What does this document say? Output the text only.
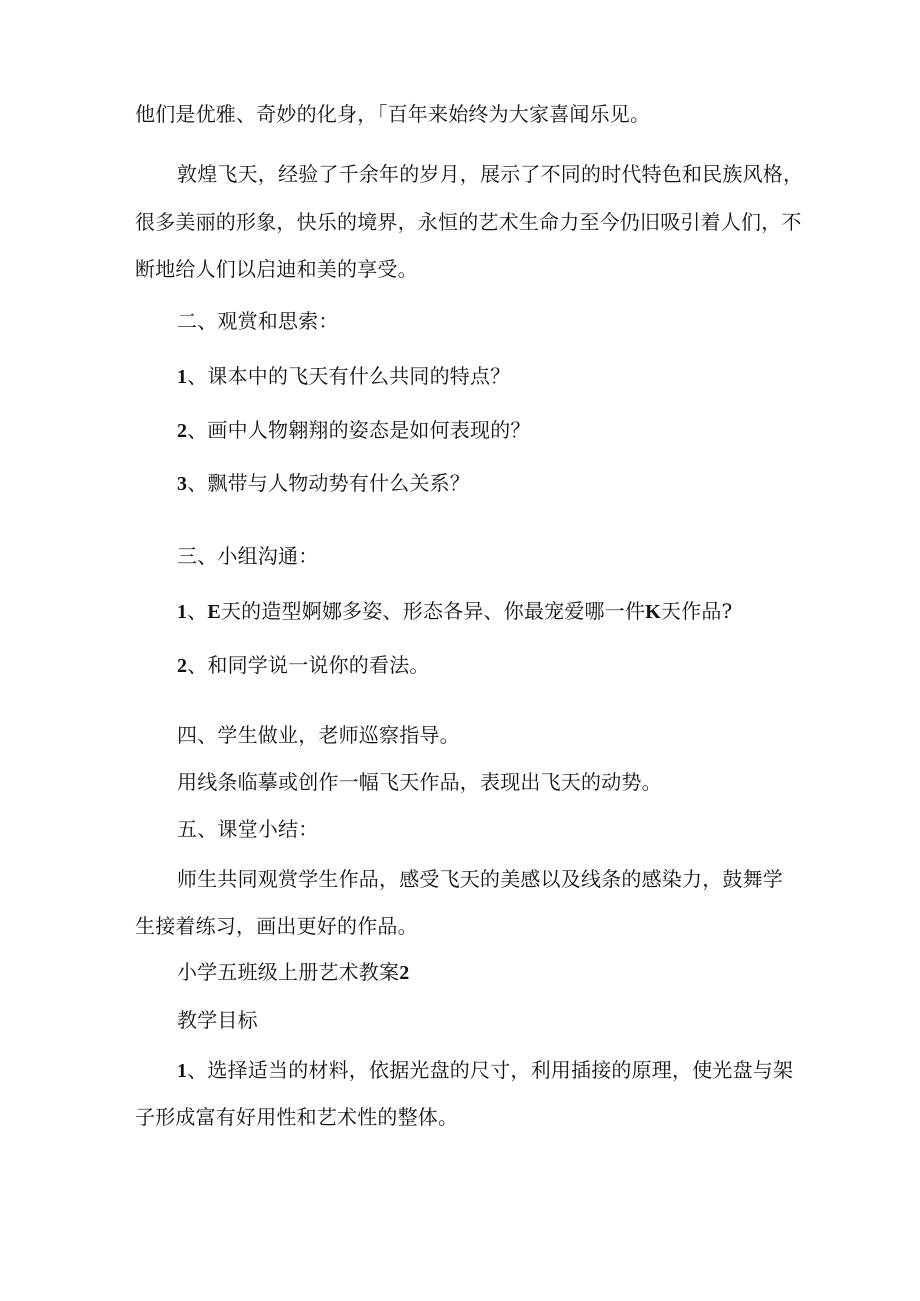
他们是优雅、奇妙的化身，「百年来始终为大家喜闻乐见。
敦煌飞天，经验了千余年的岁月，展示了不同的时代特色和民族风格，
很多美丽的形象，快乐的境界，永恒的艺术生命力至今仍旧吸引着人们，不
断地给人们以启迪和美的享受。
二、观赏和思索：
1、课本中的飞天有什么共同的特点？
2、画中人物翱翔的姿态是如何表现的？
3、飘带与人物动势有什么关系？
三、小组沟通：
1、E天的造型婀娜多姿、形态各异、你最宠爱哪一件K天作品?
2、和同学说一说你的看法。
四、学生做业，老师巡察指导。
用线条临摹或创作一幅飞天作品，表现出飞天的动势。
五、课堂小结：
师生共同观赏学生作品，感受飞天的美感以及线条的感染力，鼓舞学
生接着练习，画出更好的作品。
小学五班级上册艺术教案2
教学目标
1、选择适当的材料，依据光盘的尺寸，利用插接的原理，使光盘与架
子形成富有好用性和艺术性的整体。
